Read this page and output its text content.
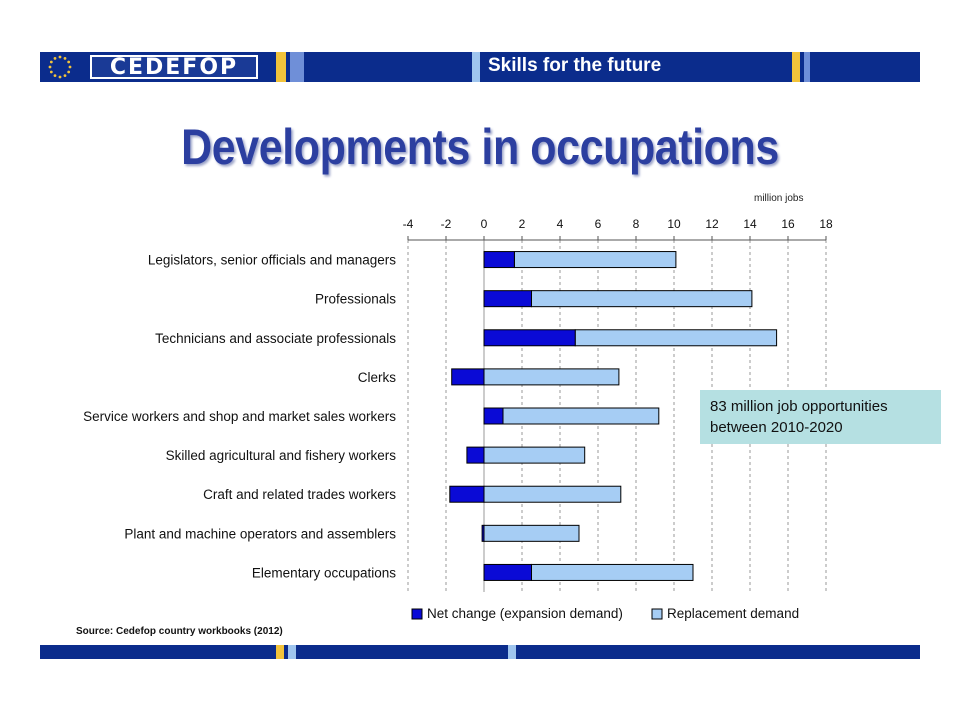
CEDEFOP	Skills for the future
Developments in occupations
million jobs
-4 -2 0	2	4	6	8 10 12 14 16 18
Legislators, senior officials and managers
Professionals
Technicians and associate professionals
Clerks
Service workers and shop and market sales workers
Skilled agricultural and fishery workers
Craft and related trades workers
Plant and machine operators and assemblers
Elementary occupations
Net change (expansion demand)	Replacement demand
83 million job opportunities between 2010-2020
Source: Cedefop country workbooks (2012)
